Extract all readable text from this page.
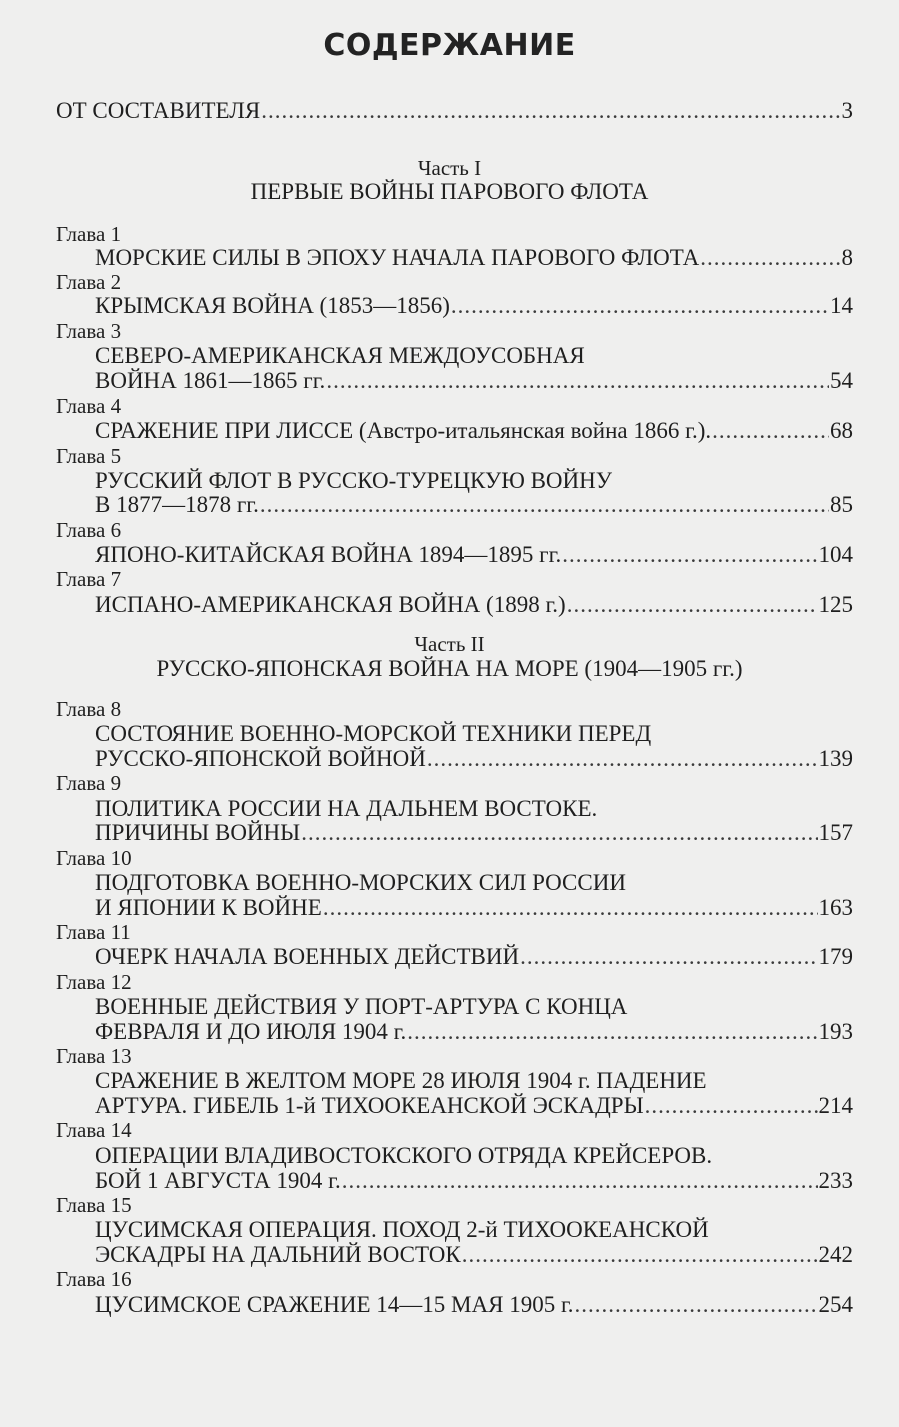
СОДЕРЖАНИЕ
ОТ СОСТАВИТЕЛЯ .....	3
Часть I
ПЕРВЫЕ ВОЙНЫ ПАРОВОГО ФЛОТА
Глава 1
МОРСКИЕ СИЛЫ В ЭПОХУ НАЧАЛА ПАРОВОГО ФЛОТА .....	8
Глава 2
КРЫМСКАЯ ВОЙНА (1853—1856) .....	14
Глава 3
СЕВЕРО-АМЕРИКАНСКАЯ МЕЖДОУСОБНАЯ
ВОЙНА 1861—1865 гг. .....	54
Глава 4
СРАЖЕНИЕ ПРИ ЛИССЕ (Австро-итальянская война 1866 г.). .....	68
Глава 5
РУССКИЙ ФЛОТ В РУССКО-ТУРЕЦКУЮ ВОЙНУ
В 1877—1878 гг. .....	85
Глава 6
ЯПОНО-КИТАЙСКАЯ ВОЙНА 1894—1895 гг. .....	104
Глава 7
ИСПАНО-АМЕРИКАНСКАЯ ВОЙНА (1898 г.) .....	125
Часть II
РУССКО-ЯПОНСКАЯ ВОЙНА НА МОРЕ (1904—1905 гг.)
Глава 8
СОСТОЯНИЕ ВОЕННО-МОРСКОЙ ТЕХНИКИ ПЕРЕД
РУССКО-ЯПОНСКОЙ ВОЙНОЙ .....	139
Глава 9
ПОЛИТИКА РОССИИ НА ДАЛЬНЕМ ВОСТОКЕ.
ПРИЧИНЫ ВОЙНЫ .....	157
Глава 10
ПОДГОТОВКА ВОЕННО-МОРСКИХ СИЛ РОССИИ
И ЯПОНИИ К ВОЙНЕ .....	163
Глава 11
ОЧЕРК НАЧАЛА ВОЕННЫХ ДЕЙСТВИЙ .....	179
Глава 12
ВОЕННЫЕ ДЕЙСТВИЯ У ПОРТ-АРТУРА С КОНЦА
ФЕВРАЛЯ И ДО ИЮЛЯ 1904 г. .....	193
Глава 13
СРАЖЕНИЕ В ЖЕЛТОМ МОРЕ 28 ИЮЛЯ 1904 г. ПАДЕНИЕ
АРТУРА. ГИБЕЛЬ 1-й ТИХООКЕАНСКОЙ ЭСКАДРЫ .....	214
Глава 14
ОПЕРАЦИИ ВЛАДИВОСТОКСКОГО ОТРЯДА КРЕЙСЕРОВ.
БОЙ 1 АВГУСТА 1904 г. .....	233
Глава 15
ЦУСИМСКАЯ ОПЕРАЦИЯ. ПОХОД 2-й ТИХООКЕАНСКОЙ
ЭСКАДРЫ НА ДАЛЬНИЙ ВОСТОК .....	242
Глава 16
ЦУСИМСКОЕ СРАЖЕНИЕ 14—15 МАЯ 1905 г. .....	254
